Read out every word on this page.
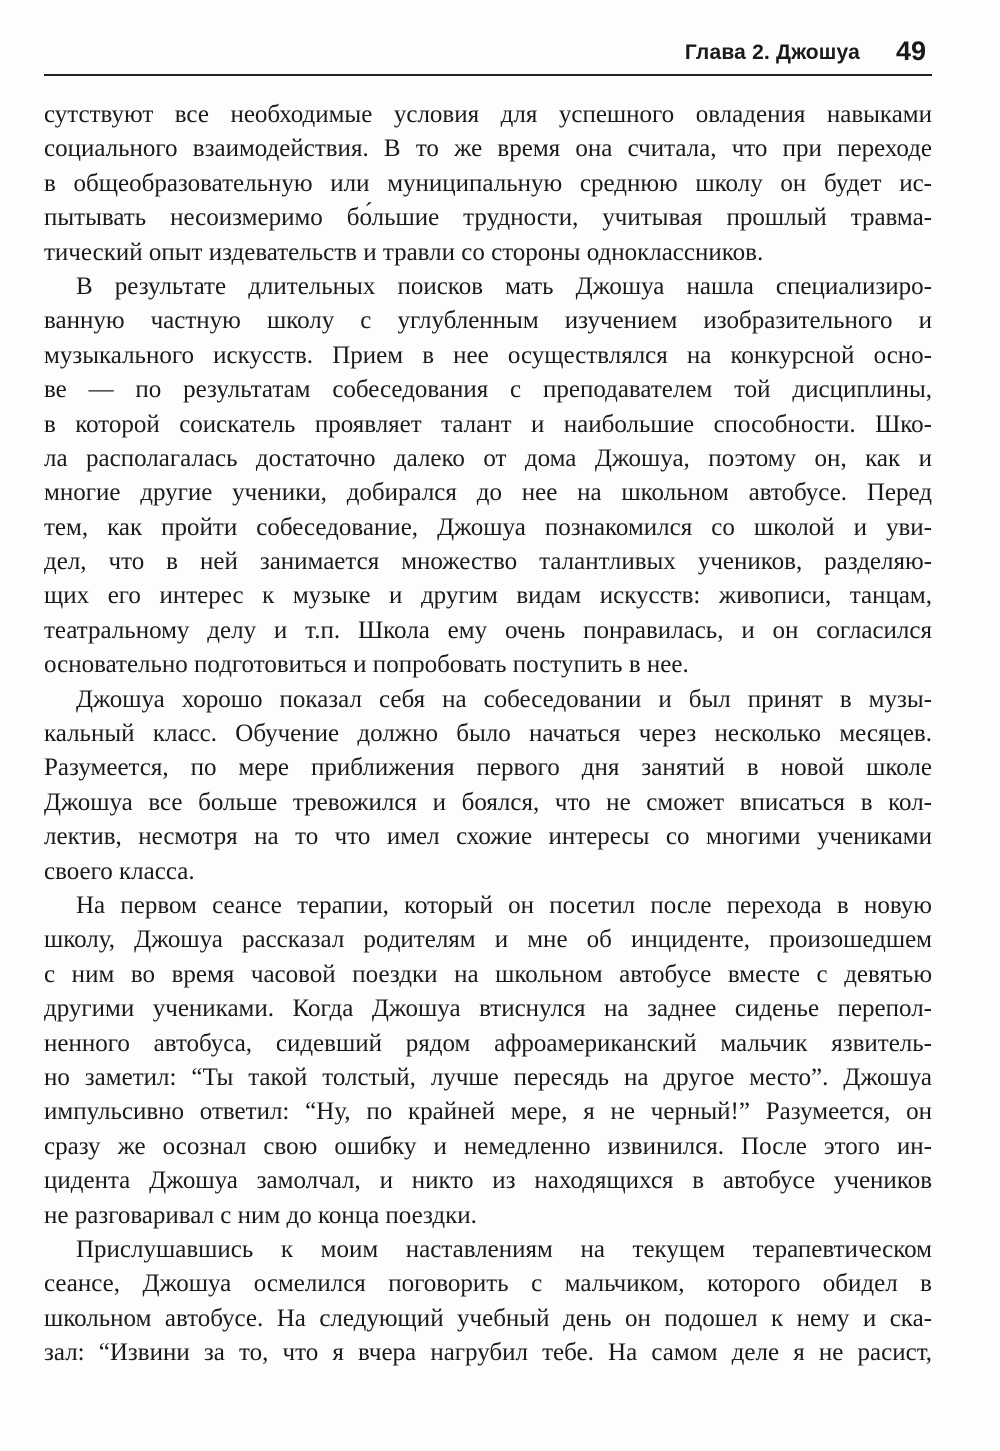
Глава 2. Джошуа 49
сутствуют все необходимые условия для успешного овладения навыками
социального взаимодействия. В то же время она считала, что при переходе
в общеобразовательную или муниципальную среднюю школу он будет ис-
пытывать несоизмеримо бо́льшие трудности, учитывая прошлый травма-
тический опыт издевательств и травли со стороны одноклассников.
В результате длительных поисков мать Джошуа нашла специализиро-
ванную частную школу с углубленным изучением изобразительного и
музыкального искусств. Прием в нее осуществлялся на конкурсной осно-
ве — по результатам собеседования с преподавателем той дисциплины,
в которой соискатель проявляет талант и наибольшие способности. Шко-
ла располагалась достаточно далеко от дома Джошуа, поэтому он, как и
многие другие ученики, добирался до нее на школьном автобусе. Перед
тем, как пройти собеседование, Джошуа познакомился со школой и уви-
дел, что в ней занимается множество талантливых учеников, разделяю-
щих его интерес к музыке и другим видам искусств: живописи, танцам,
театральному делу и т.п. Школа ему очень понравилась, и он согласился
основательно подготовиться и попробовать поступить в нее.
Джошуа хорошо показал себя на собеседовании и был принят в музы-
кальный класс. Обучение должно было начаться через несколько месяцев.
Разумеется, по мере приближения первого дня занятий в новой школе
Джошуа все больше тревожился и боялся, что не сможет вписаться в кол-
лектив, несмотря на то что имел схожие интересы со многими учениками
своего класса.
На первом сеансе терапии, который он посетил после перехода в новую
школу, Джошуа рассказал родителям и мне об инциденте, произошедшем
с ним во время часовой поездки на школьном автобусе вместе с девятью
другими учениками. Когда Джошуа втиснулся на заднее сиденье перепол-
ненного автобуса, сидевший рядом афроамериканский мальчик язвитель-
но заметил: “Ты такой толстый, лучше пересядь на другое место”. Джошуа
импульсивно ответил: “Ну, по крайней мере, я не черный!” Разумеется, он
сразу же осознал свою ошибку и немедленно извинился. После этого ин-
цидента Джошуа замолчал, и никто из находящихся в автобусе учеников
не разговаривал с ним до конца поездки.
Прислушавшись к моим наставлениям на текущем терапевтическом
сеансе, Джошуа осмелился поговорить с мальчиком, которого обидел в
школьном автобусе. На следующий учебный день он подошел к нему и ска-
зал: “Извини за то, что я вчера нагрубил тебе. На самом деле я не расист,
